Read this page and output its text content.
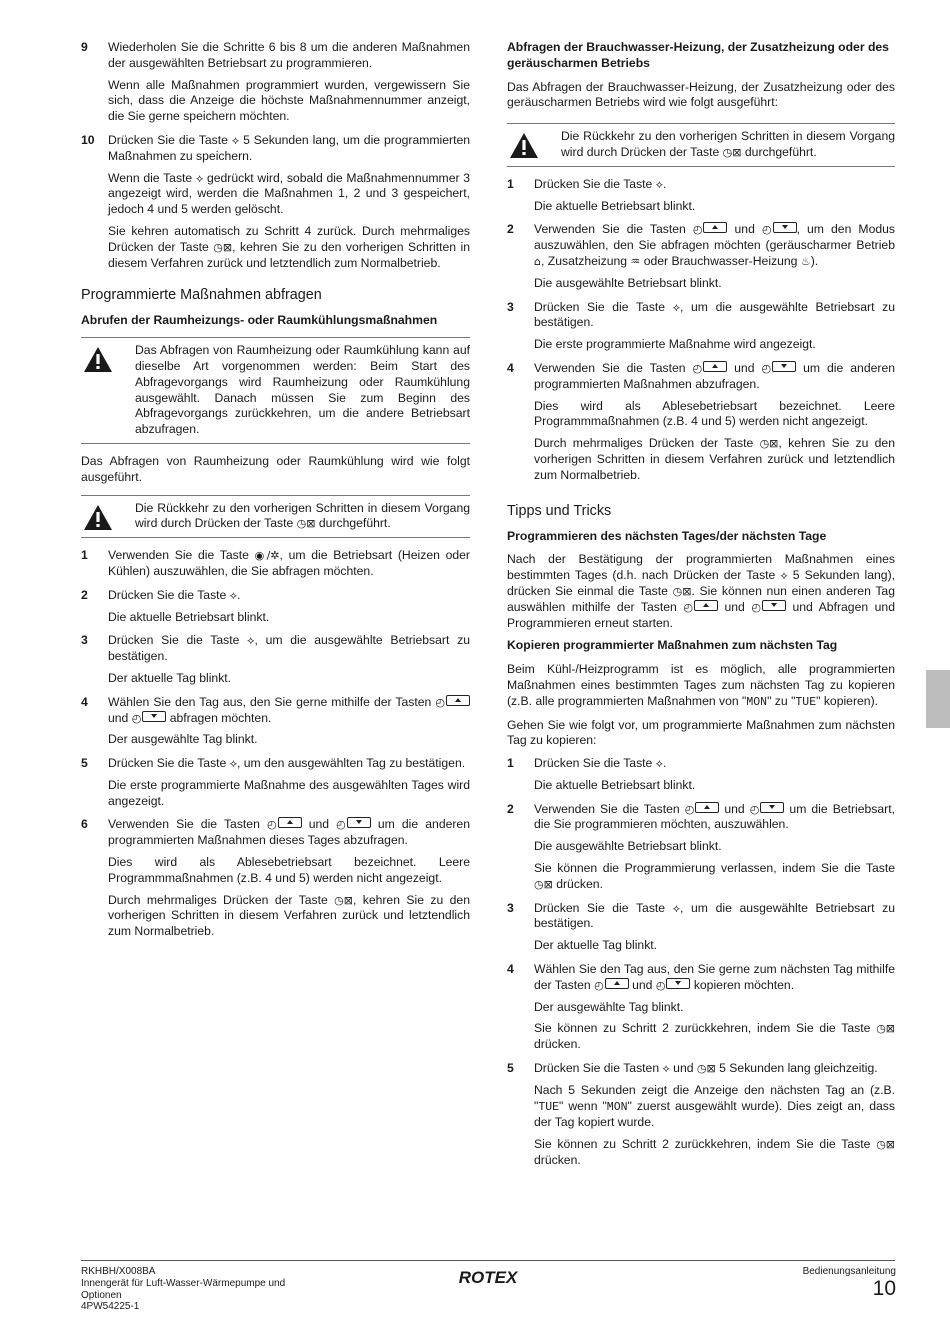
9	Wiederholen Sie die Schritte 6 bis 8 um die anderen Maßnahmen der ausgewählten Betriebsart zu programmieren.

Wenn alle Maßnahmen programmiert wurden, vergewissern Sie sich, dass die Anzeige die höchste Maßnahmennummer anzeigt, die Sie gerne speichern möchten.

10	Drücken Sie die Taste ⟡ 5 Sekunden lang, um die programmierten Maßnahmen zu speichern.

Wenn die Taste ⟡ gedrückt wird, sobald die Maßnahmennummer 3 angezeigt wird, werden die Maßnahmen 1, 2 und 3 gespeichert, jedoch 4 und 5 werden gelöscht.

Sie kehren automatisch zu Schritt 4 zurück. Durch mehrmaliges Drücken der Taste ◷⊠, kehren Sie zu den vorherigen Schritten in diesem Verfahren zurück und letztendlich zum Normalbetrieb.

Programmierte Maßnahmen abfragen
Abrufen der Raumheizungs- oder Raumkühlungsmaßnahmen
Das Abfragen von Raumheizung oder Raumkühlung kann auf dieselbe Art vorgenommen werden: Beim Start des Abfragevorgangs wird Raumheizung oder Raumkühlung ausgewählt. Danach müssen Sie zum Beginn des Abfragevorgangs zurückkehren, um die andere Betriebsart abzufragen.

Das Abfragen von Raumheizung oder Raumkühlung wird wie folgt ausgeführt.

Die Rückkehr zu den vorherigen Schritten in diesem Vorgang wird durch Drücken der Taste ◷⊠ durchgeführt.
1	Verwenden Sie die Taste ◉/✲, um die Betriebsart (Heizen oder Kühlen) auszuwählen, die Sie abfragen möchten.

2	Drücken Sie die Taste ⟡.

Die aktuelle Betriebsart blinkt.

3	Drücken Sie die Taste ⟡, um die ausgewählte Betriebsart zu bestätigen.

Der aktuelle Tag blinkt.

4	Wählen Sie den Tag aus, den Sie gerne mithilfe der Tasten ◴ und ◴ abfragen möchten.

Der ausgewählte Tag blinkt.

5	Drücken Sie die Taste ⟡, um den ausgewählten Tag zu bestätigen.

Die erste programmierte Maßnahme des ausgewählten Tages wird angezeigt.

6	Verwenden Sie die Tasten ◴	und ◴	um die anderen programmierten Maßnahmen dieses Tages abzufragen.

Dies wird als Ablesebetriebsart bezeichnet. Leere Programmmaßnahmen (z.B. 4 und 5) werden nicht angezeigt.

Durch mehrmaliges Drücken der Taste ◷⊠, kehren Sie zu den vorherigen Schritten in diesem Verfahren zurück und letztendlich zum Normalbetrieb.

Abfragen der Brauchwasser-Heizung, der Zusatzheizung oder des geräuscharmen Betriebs

Das Abfragen der Brauchwasser-Heizung, der Zusatzheizung oder des geräuscharmen Betriebs wird wie folgt ausgeführt:

Die Rückkehr zu den vorherigen Schritten in diesem Vorgang wird durch Drücken der Taste ◷⊠ durchgeführt.
1	Drücken Sie die Taste ⟡.

Die aktuelle Betriebsart blinkt.

2	Verwenden Sie die Tasten ◴	und ◴ , um den Modus auszuwählen, den Sie abfragen möchten (geräuscharmer Betrieb ⌂, Zusatzheizung ♒ oder Brauchwasser-Heizung ♨).

Die ausgewählte Betriebsart blinkt.

3	Drücken Sie die Taste ⟡, um die ausgewählte Betriebsart zu bestätigen.

Die erste programmierte Maßnahme wird angezeigt.

4	Verwenden Sie die Tasten ◴	und ◴	um die anderen programmierten Maßnahmen abzufragen.

Dies wird als Ablesebetriebsart bezeichnet. Leere Programmmaßnahmen (z.B. 4 und 5) werden nicht angezeigt.

Durch mehrmaliges Drücken der Taste ◷⊠, kehren Sie zu den vorherigen Schritten in diesem Verfahren zurück und letztendlich zum Normalbetrieb.

Tipps und Tricks
Programmieren des nächsten Tages/der nächsten Tage

Nach der Bestätigung der programmierten Maßnahmen eines bestimmten Tages (d.h. nach Drücken der Taste ⟡ 5 Sekunden lang), drücken Sie einmal die Taste ◷⊠. Sie können nun einen anderen Tag auswählen mithilfe der Tasten ◴	und ◴	und Abfragen und Programmieren erneut starten.

Kopieren programmierter Maßnahmen zum nächsten Tag

Beim Kühl-/Heizprogramm ist es möglich, alle programmierten Maßnahmen eines bestimmten Tages zum nächsten Tag zu kopieren (z.B. alle programmierten Maßnahmen von "MON" zu "TUE" kopieren).

Gehen Sie wie folgt vor, um programmierte Maßnahmen zum nächsten Tag zu kopieren:

1	Drücken Sie die Taste ⟡.

Die aktuelle Betriebsart blinkt.

2	Verwenden Sie die Tasten ◴ und ◴ um die Betriebsart, die Sie programmieren möchten, auszuwählen.

Die ausgewählte Betriebsart blinkt.

Sie können die Programmierung verlassen, indem Sie die Taste ◷⊠ drücken.

3	Drücken Sie die Taste ⟡, um die ausgewählte Betriebsart zu bestätigen.

Der aktuelle Tag blinkt.

4	Wählen Sie den Tag aus, den Sie gerne zum nächsten Tag mithilfe der Tasten ◴ und ◴ kopieren möchten.

Der ausgewählte Tag blinkt.

Sie können zu Schritt 2 zurückkehren, indem Sie die Taste ◷⊠ drücken.

5	Drücken Sie die Tasten ⟡ und ◷⊠ 5 Sekunden lang gleichzeitig.

Nach 5 Sekunden zeigt die Anzeige den nächsten Tag an (z.B. "TUE" wenn "MON" zuerst ausgewählt wurde). Dies zeigt an, dass der Tag kopiert wurde.

Sie können zu Schritt 2 zurückkehren, indem Sie die Taste ◷⊠ drücken.

RKHBH/X008BA
Innengerät für Luft-Wasser-Wärmepumpe und
Optionen
4PW54225-1
ROTEX	Bedienungsanleitung
10
